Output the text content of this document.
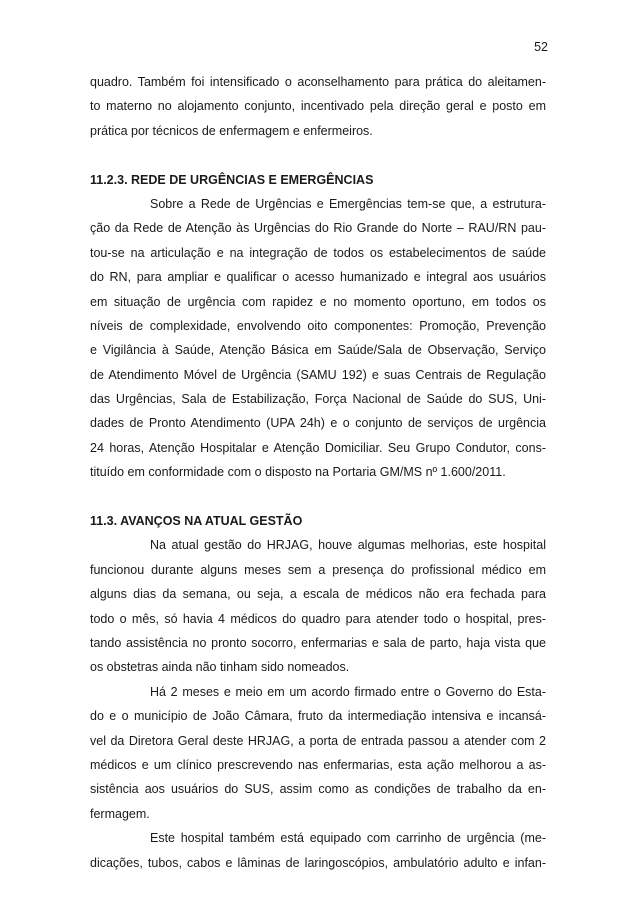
52
quadro. Também foi intensificado o aconselhamento para prática do aleitamen-
to materno no alojamento conjunto, incentivado pela direção geral e posto em
prática por técnicos de enfermagem e enfermeiros.
11.2.3. REDE DE URGÊNCIAS E EMERGÊNCIAS
Sobre a Rede de Urgências e Emergências tem-se que, a estrutura-
ção da Rede de Atenção às Urgências do Rio Grande do Norte – RAU/RN pau-
tou-se na articulação e na integração de todos os estabelecimentos de saúde
do RN, para ampliar e qualificar o acesso humanizado e integral aos usuários
em situação de urgência com rapidez e no momento oportuno, em todos os
níveis de complexidade, envolvendo oito componentes: Promoção, Prevenção
e Vigilância à Saúde, Atenção Básica em Saúde/Sala de Observação, Serviço
de Atendimento Móvel de Urgência (SAMU 192) e suas Centrais de Regulação
das Urgências, Sala de Estabilização, Força Nacional de Saúde do SUS, Uni-
dades de Pronto Atendimento (UPA 24h) e o conjunto de serviços de urgência
24 horas, Atenção Hospitalar e Atenção Domiciliar. Seu Grupo Condutor, cons-
tituído em conformidade com o disposto na Portaria GM/MS nº 1.600/2011.
11.3. AVANÇOS NA ATUAL GESTÃO
Na atual gestão do HRJAG, houve algumas melhorias, este hospital
funcionou durante alguns meses sem a presença do profissional médico em
alguns dias da semana, ou seja, a escala de médicos não era fechada para
todo o mês, só havia 4 médicos do quadro para atender todo o hospital, pres-
tando assistência no pronto socorro, enfermarias e sala de parto, haja vista que
os obstetras ainda não tinham sido nomeados.
Há 2 meses e meio em um acordo firmado entre o Governo do Esta-
do e o município de João Câmara, fruto da intermediação intensiva e incansá-
vel da Diretora Geral deste HRJAG, a porta de entrada passou a atender com 2
médicos e um clínico prescrevendo nas enfermarias, esta ação melhorou a as-
sistência aos usuários do SUS, assim como as condições de trabalho da en-
fermagem.
Este hospital também está equipado com carrinho de urgência (me-
dicações, tubos, cabos e lâminas de laringoscópios, ambulatório adulto e infan-
